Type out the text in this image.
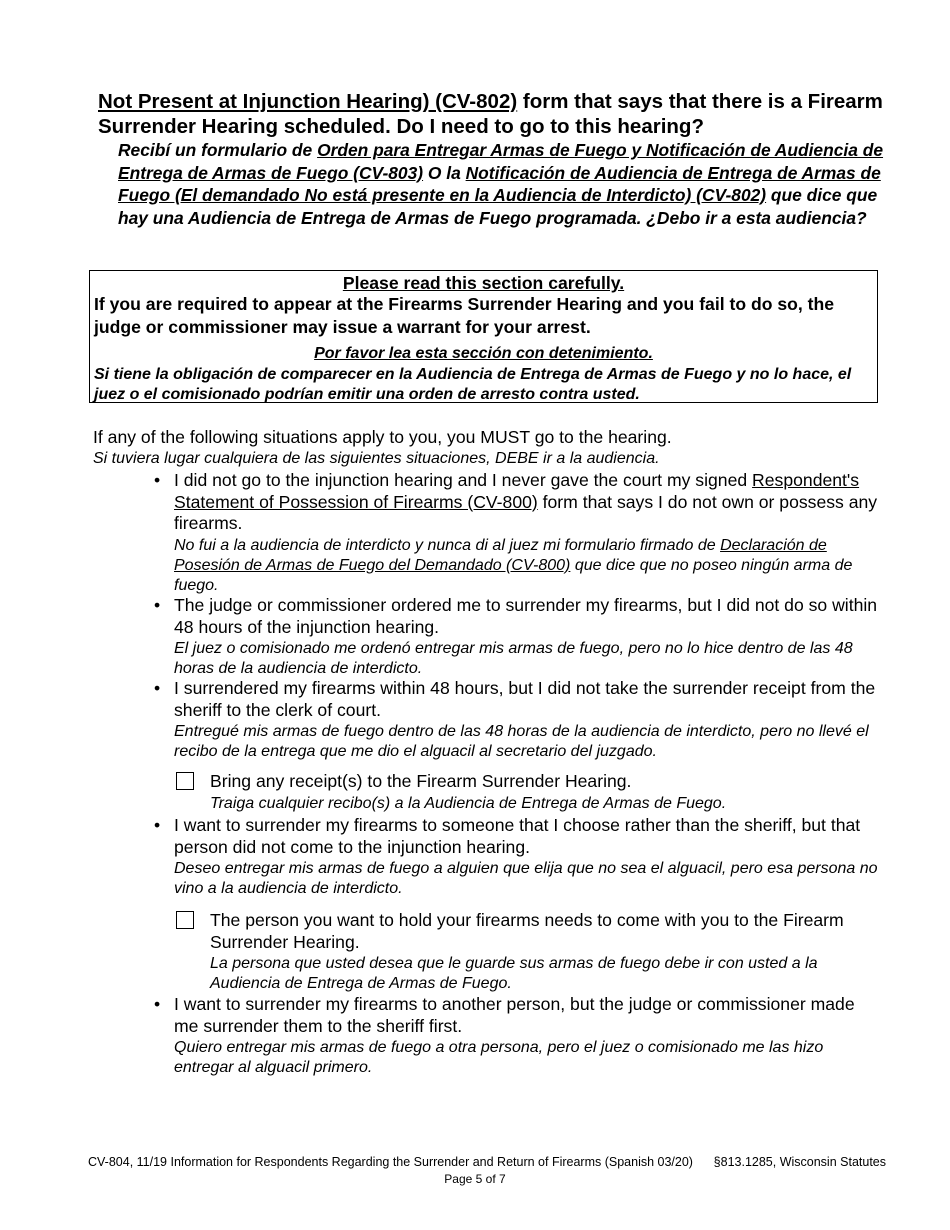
Not Present at Injunction Hearing) (CV-802) form that says that there is a Firearm Surrender Hearing scheduled. Do I need to go to this hearing?
Recibí un formulario de Orden para Entregar Armas de Fuego y Notificación de Audiencia de Entrega de Armas de Fuego (CV-803) O la Notificación de Audiencia de Entrega de Armas de Fuego (El demandado No está presente en la Audiencia de Interdicto) (CV-802) que dice que hay una Audiencia de Entrega de Armas de Fuego programada. ¿Debo ir a esta audiencia?
Please read this section carefully.
If you are required to appear at the Firearms Surrender Hearing and you fail to do so, the judge or commissioner may issue a warrant for your arrest.
Por favor lea esta sección con detenimiento.
Si tiene la obligación de comparecer en la Audiencia de Entrega de Armas de Fuego y no lo hace, el juez o el comisionado podrían emitir una orden de arresto contra usted.
If any of the following situations apply to you, you MUST go to the hearing.
Si tuviera lugar cualquiera de las siguientes situaciones, DEBE ir a la audiencia.
• I did not go to the injunction hearing and I never gave the court my signed Respondent's Statement of Possession of Firearms (CV-800) form that says I do not own or possess any firearms.
No fui a la audiencia de interdicto y nunca di al juez mi formulario firmado de Declaración de Posesión de Armas de Fuego del Demandado (CV-800) que dice que no poseo ningún arma de fuego.
• The judge or commissioner ordered me to surrender my firearms, but I did not do so within 48 hours of the injunction hearing.
El juez o comisionado me ordenó entregar mis armas de fuego, pero no lo hice dentro de las 48 horas de la audiencia de interdicto.
• I surrendered my firearms within 48 hours, but I did not take the surrender receipt from the sheriff to the clerk of court.
Entregué mis armas de fuego dentro de las 48 horas de la audiencia de interdicto, pero no llevé el recibo de la entrega que me dio el alguacil al secretario del juzgado.
Bring any receipt(s) to the Firearm Surrender Hearing.
Traiga cualquier recibo(s) a la Audiencia de Entrega de Armas de Fuego.
• I want to surrender my firearms to someone that I choose rather than the sheriff, but that person did not come to the injunction hearing.
Deseo entregar mis armas de fuego a alguien que elija que no sea el alguacil, pero esa persona no vino a la audiencia de interdicto.
The person you want to hold your firearms needs to come with you to the Firearm Surrender Hearing.
La persona que usted desea que le guarde sus armas de fuego debe ir con usted a la Audiencia de Entrega de Armas de Fuego.
• I want to surrender my firearms to another person, but the judge or commissioner made me surrender them to the sheriff first.
Quiero entregar mis armas de fuego a otra persona, pero el juez o comisionado me las hizo entregar al alguacil primero.
CV-804, 11/19 Information for Respondents Regarding the Surrender and Return of Firearms (Spanish 03/20) §813.1285, Wisconsin Statutes
Page 5 of 7
